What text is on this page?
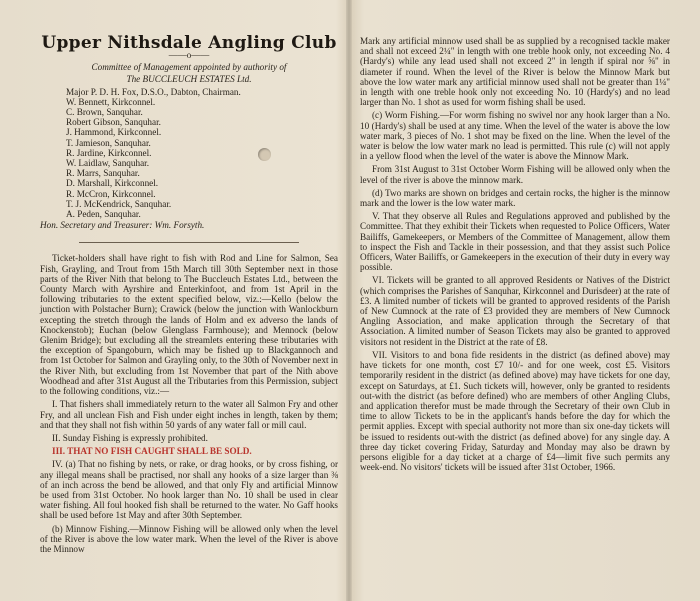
Upper Nithsdale Angling Club
——o——
Committee of Management appointed by authority of
The BUCCLEUCH ESTATES Ltd.
Major P. D. H. Fox, D.S.O., Dabton, Chairman.
W. Bennett, Kirkconnel.
C. Brown, Sanquhar.
Robert Gibson, Sanquhar.
J. Hammond, Kirkconnel.
T. Jamieson, Sanquhar.
R. Jardine, Kirkconnel.
W. Laidlaw, Sanquhar.
R. Marrs, Sanquhar.
D. Marshall, Kirkconnel.
R. McCron, Kirkconnel.
T. J. McKendrick, Sanquhar.
A. Peden, Sanquhar.
Hon. Secretary and Treasurer: Wm. Forsyth.

Ticket-holders shall have right to fish with Rod and Line for Salmon, Sea Fish, Grayling, and Trout from 15th March till 30th September next in those parts of the River Nith that belong to The Buccleuch Estates Ltd., between the County March with Ayrshire and Enterkinfoot, and from 1st April in the following tributaries to the extent specified below, viz.:—Kello (below the junction with Polstacher Burn); Crawick (below the junction with Wanlockburn excepting the stretch through the lands of Holm and ex adverso the lands of Knockenstob); Euchan (below Glenglass Farmhouse); and Mennock (below Glenim Bridge); but excluding all the streamlets entering these tributaries with the exception of Spangoburn, which may be fished up to Blackgannoch and from 1st October for Salmon and Grayling only, to the 30th of November next in the River Nith, but excluding from 1st November that part of the Nith above Woodhead and after 31st August all the Tributaries from this Permission, subject to the following conditions, viz.:—

I. That fishers shall immediately return to the water all Salmon Fry and other Fry, and all unclean Fish and Fish under eight inches in length, taken by them; and that they shall not fish within 50 yards of any water fall or mill caul.

II. Sunday Fishing is expressly prohibited.

III. THAT NO FISH CAUGHT SHALL BE SOLD.

IV. (a) That no fishing by nets, or rake, or drag hooks, or by cross fishing, or any illegal means shall be practised, nor shall any hooks of a size larger than ⅜ of an inch across the bend be allowed, and that only Fly and artificial Minnow be used from 31st October. No hook larger than No. 10 shall be used in clear water fishing. All foul hooked fish shall be returned to the water. No Gaff hooks shall be used before 1st May and after 30th September.

(b) Minnow Fishing.—Minnow Fishing will be allowed only when the level of the River is above the low water mark. When the level of the River is above the Minnow

Mark any artificial minnow used shall be as supplied by a recognised tackle maker and shall not exceed 2¼" in length with one treble hook only, not exceeding No. 4 (Hardy's) while any lead used shall not exceed 2" in length if spiral nor ⅝" in diameter if round. When the level of the River is below the Minnow Mark but above the low water mark any artificial minnow used shall not be greater than 1¼" in length with one treble hook only not exceeding No. 10 (Hardy's) and no lead larger than No. 1 shot as used for worm fishing shall be used.

(c) Worm Fishing.—For worm fishing no swivel nor any hook larger than a No. 10 (Hardy's) shall be used at any time. When the level of the water is above the low water mark, 3 pieces of No. 1 shot may be fixed on the line. When the level of the water is below the low water mark no lead is permitted. This rule (c) will not apply in a yellow flood when the level of the water is above the Minnow Mark.

From 31st August to 31st October Worm Fishing will be allowed only when the level of the river is above the minnow mark.

(d) Two marks are shown on bridges and certain rocks, the higher is the minnow mark and the lower is the low water mark.

V. That they observe all Rules and Regulations approved and published by the Committee. That they exhibit their Tickets when requested to Police Officers, Water Bailiffs, Gamekeepers, or Members of the Committee of Management, allow them to inspect the Fish and Tackle in their possession, and that they assist such Police Officers, Water Bailiffs, or Gamekeepers in the execution of their duty in every way possible.

VI. Tickets will be granted to all approved Residents or Natives of the District (which comprises the Parishes of Sanquhar, Kirkconnel and Durisdeer) at the rate of £3. A limited number of tickets will be granted to approved residents of the Parish of New Cumnock at the rate of £3 provided they are members of New Cumnock Angling Association, and make application through the Secretary of that Association. A limited number of Season Tickets may also be granted to approved visitors not resident in the District at the rate of £8.

VII. Visitors to and bona fide residents in the district (as defined above) may have tickets for one month, cost £7 10/- and for one week, cost £5. Visitors temporarily resident in the district (as defined above) may have tickets for one day, except on Saturdays, at £1. Such tickets will, however, only be granted to residents out-with the district (as before defined) who are members of other Angling Clubs, and application therefor must be made through the Secretary of their own Club in time to allow Tickets to be in the applicant's hands before the day for which the permit applies. Except with special authority not more than six one-day tickets will be issued to residents out-with the district (as defined above) for any single day. A three day ticket covering Friday, Saturday and Monday may also be drawn by persons eligible for a day ticket at a charge of £4—limit five such permits any week-end. No visitors' tickets will be issued after 31st October, 1966.
